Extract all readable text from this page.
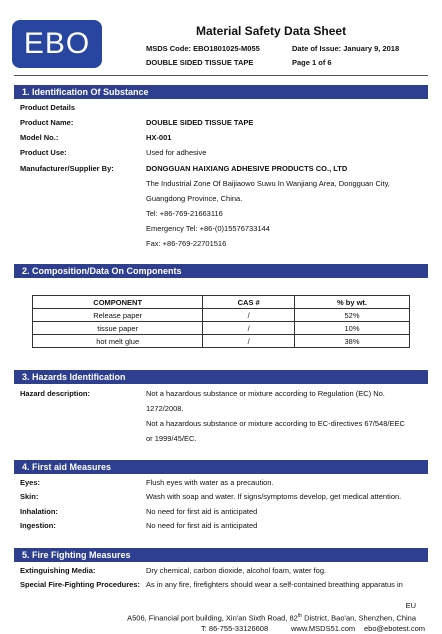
EBO	Material Safety Data Sheet
MSDS Code: EBO1801025-M055	Date of Issue: January 9, 2018
DOUBLE SIDED TISSUE TAPE	Page 1 of 6
1. Identification Of Substance
Product Details
Product Name:	DOUBLE SIDED TISSUE TAPE
Model No.:	HX-001
Product Use:	Used for adhesive
Manufacturer/Supplier By:	DONGGUAN HAIXIANG ADHESIVE PRODUCTS CO., LTD
The Industrial Zone Of Baijiaowo Suwu In Wanjiang Area, Dongguan City,
Guangdong Province, China.
Tel: +86-769-21663116
Emergency Tel: +86-(0)15576733144
Fax: +86-769-22701516
2. Composition/Data On Components
COMPONENT	CAS #	% by wt.
Release paper	/	52%
tissue paper	/	10%
hot melt glue	/	38%
3. Hazards Identification
Hazard description:	Not a hazardous substance or mixture according to Regulation (EC) No.
1272/2008.
Not a hazardous substance or mixture according to EC-directives 67/548/EEC
or 1999/45/EC.
4. First aid Measures
Eyes:	Flush eyes with water as a precaution.
Skin:	Wash with soap and water. If signs/symptoms develop, get medical attention.
Inhalation:	No need for first aid is anticipated
Ingestion:	No need for first aid is anticipated
5. Fire Fighting Measures
Extinguishing Media:	Dry chemical, carbon dioxide, alcohol foam, water fog.
Special Fire-Fighting Procedures: As in any fire, firefighters should wear a self-contained breathing apparatus in
EU
A506, Financial port building, Xin'an Sixth Road, 82th District, Bao'an, Shenzhen, China
T: 86-755-33126608	www.MSDS51.com ebo@ebotest.com
